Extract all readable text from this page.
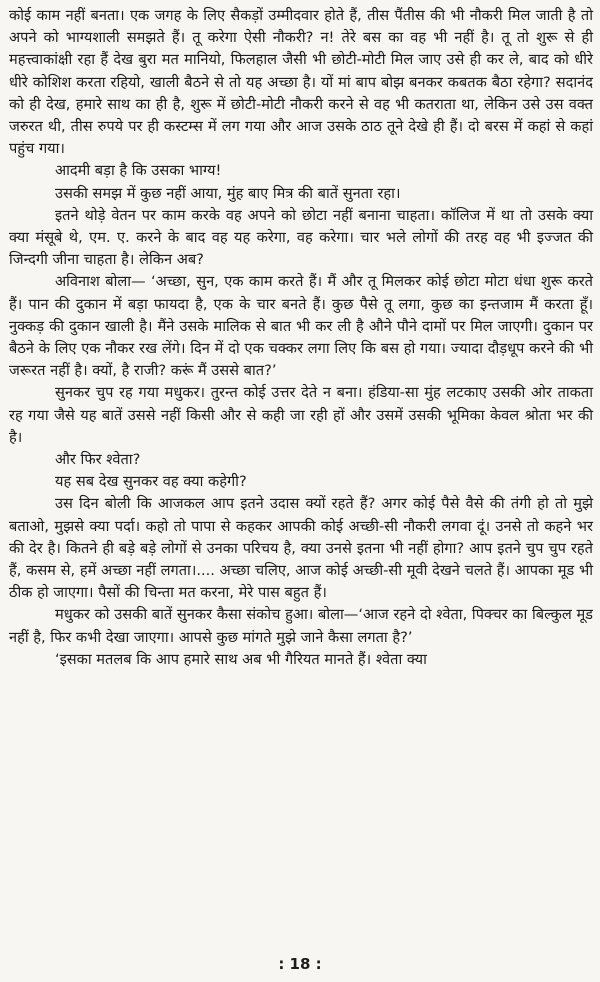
कोई काम नहीं बनता। एक जगह के लिए सैकड़ों उम्मीदवार होते हैं, तीस पैंतीस की भी नौकरी मिल जाती है तो अपने को भाग्यशाली समझते हैं। तू करेगा ऐसी नौकरी? न! तेरे बस का वह भी नहीं है। तू तो शुरू से ही महत्त्वाकांक्षी रहा हैं देख बुरा मत मानियो, फिलहाल जैसी भी छोटी-मोटी मिल जाए उसे ही कर ले, बाद को धीरे धीरे कोशिश करता रहियो, खाली बैठने से तो यह अच्छा है। यों मां बाप बोझ बनकर कबतक बैठा रहेगा? सदानंद को ही देख, हमारे साथ का ही है, शुरू में छोटी-मोटी नौकरी करने से वह भी कतराता था, लेकिन उसे उस वक्त जरुरत थी, तीस रुपये पर ही कस्टम्स में लग गया और आज उसके ठाठ तूने देखे ही हैं। दो बरस में कहां से कहां पहुंच गया।

आदमी बड़ा है कि उसका भाग्य!

उसकी समझ में कुछ नहीं आया, मुंह बाए मित्र की बातें सुनता रहा।

इतने थोड़े वेतन पर काम करके वह अपने को छोटा नहीं बनाना चाहता। कॉलिज में था तो उसके क्या क्या मंसूबे थे, एम. ए. करने के बाद वह यह करेगा, वह करेगा। चार भले लोगों की तरह वह भी इज्जत की जिन्दगी जीना चाहता है। लेकिन अब?

अविनाश बोला— ‘अच्छा, सुन, एक काम करते हैं। मैं और तू मिलकर कोई छोटा मोटा धंधा शुरू करते हैं। पान की दुकान में बड़ा फायदा है, एक के चार बनते हैं। कुछ पैसे तू लगा, कुछ का इन्तजाम मैं करता हूँ। नुक्कड़ की दुकान खाली है। मैंने उसके मालिक से बात भी कर ली है औने पौने दामों पर मिल जाएगी। दुकान पर बैठने के लिए एक नौकर रख लेंगे। दिन में दो एक चक्कर लगा लिए कि बस हो गया। ज्यादा दौड़धूप करने की भी जरूरत नहीं है। क्यों, है राजी? करूं मैं उससे बात?’

सुनकर चुप रह गया मधुकर। तुरन्त कोई उत्तर देते न बना। हंडिया-सा मुंह लटकाए उसकी ओर ताकता रह गया जैसे यह बातें उससे नहीं किसी और से कही जा रही हों और उसमें उसकी भूमिका केवल श्रोता भर की है।

और फिर श्वेता?

यह सब देख सुनकर वह क्या कहेगी?

उस दिन बोली कि आजकल आप इतने उदास क्यों रहते हैं? अगर कोई पैसे वैसे की तंगी हो तो मुझे बताओ, मुझसे क्या पर्दा। कहो तो पापा से कहकर आपकी कोई अच्छी-सी नौकरी लगवा दूं। उनसे तो कहने भर की देर है। कितने ही बड़े बड़े लोगों से उनका परिचय है, क्या उनसे इतना भी नहीं होगा? आप इतने चुप चुप रहते हैं, कसम से, हमें अच्छा नहीं लगता।.... अच्छा चलिए, आज कोई अच्छी-सी मूवी देखने चलते हैं। आपका मूड भी ठीक हो जाएगा। पैसों की चिन्ता मत करना, मेरे पास बहुत हैं।

मधुकर को उसकी बातें सुनकर कैसा संकोच हुआ। बोला—‘आज रहने दो श्वेता, पिक्चर का बिल्कुल मूड नहीं है, फिर कभी देखा जाएगा। आपसे कुछ मांगते मुझे जाने कैसा लगता है?’

‘इसका मतलब कि आप हमारे साथ अब भी गैरियत मानते हैं। श्वेता क्या

: 18 :
